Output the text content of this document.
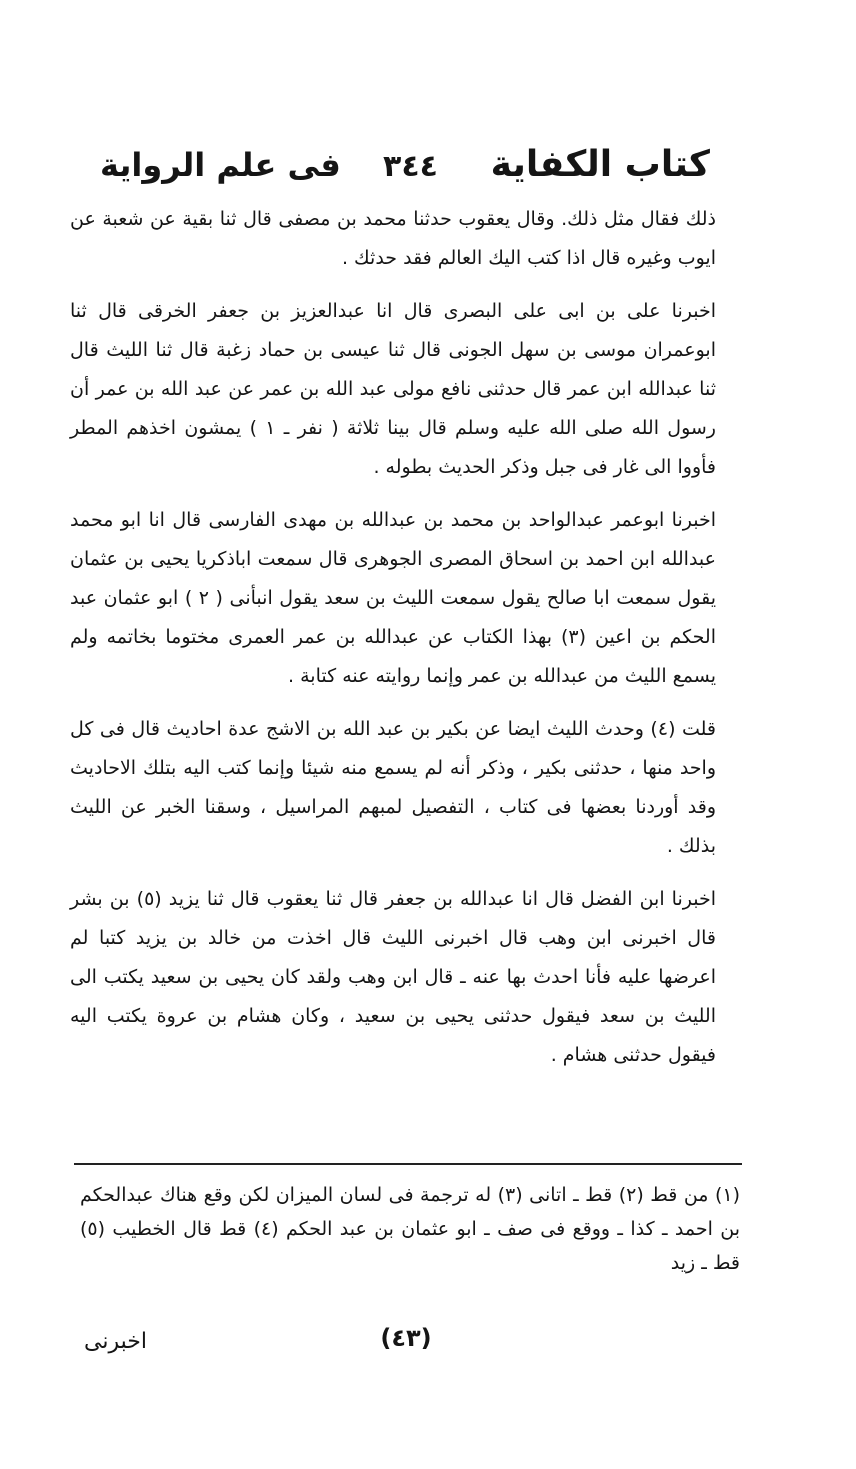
كتاب الكفاية
٣٤٤
فى علم الرواية

ذلك فقال مثل ذلك. وقال يعقوب حدثنا محمد بن مصفى قال ثنا بقية عن شعبة عن ايوب وغيره قال اذا كتب اليك العالم فقد حدثك .

اخبرنا على بن ابى على البصرى قال انا عبدالعزيز بن جعفر الخرقى قال ثنا ابوعمران موسى بن سهل الجونى قال ثنا عيسى بن حماد زغبة قال ثنا الليث قال ثنا عبدالله ابن عمر قال حدثنى نافع مولى عبد الله بن عمر عن عبد الله بن عمر أن رسول الله صلى الله عليه وسلم قال بينا ثلاثة ( نفر ـ ١ ) يمشون اخذهم المطر فأووا الى غار فى جبل وذكر الحديث بطوله .

اخبرنا ابوعمر عبدالواحد بن محمد بن عبدالله بن مهدى الفارسى قال انا ابو محمد عبدالله ابن احمد بن اسحاق المصرى الجوهرى قال سمعت اباذكريا يحيى بن عثمان يقول سمعت ابا صالح يقول سمعت الليث بن سعد يقول انبأنى ( ٢ ) ابو عثمان عبد الحكم بن اعين (٣) بهذا الكتاب عن عبدالله بن عمر العمرى مختوما بخاتمه ولم يسمع الليث من عبدالله بن عمر وإنما روايته عنه كتابة .

قلت (٤) وحدث الليث ايضا عن بكير بن عبد الله بن الاشج عدة احاديث قال فى كل واحد منها ، حدثنى بكير ، وذكر أنه لم يسمع منه شيئا وإنما كتب اليه بتلك الاحاديث وقد أوردنا بعضها فى كتاب ، التفصيل لمبهم المراسيل ، وسقنا الخبر عن الليث بذلك .

اخبرنا ابن الفضل قال انا عبدالله بن جعفر قال ثنا يعقوب قال ثنا يزيد (٥) بن بشر قال اخبرنى ابن وهب قال اخبرنى الليث قال اخذت من خالد بن يزيد كتبا لم اعرضها عليه فأنا احدث بها عنه ـ قال ابن وهب ولقد كان يحيى بن سعيد يكتب الى الليث بن سعد فيقول حدثنى يحيى بن سعيد ، وكان هشام بن عروة يكتب اليه فيقول حدثنى هشام .

(١) من قط (٢) قط ـ اتانى (٣) له ترجمة فى لسان الميزان لكن وقع هناك عبدالحكم بن احمد ـ كذا ـ ووقع فى صف ـ ابو عثمان بن عبد الحكم (٤) قط قال الخطيب (٥) قط ـ زيد
(٤٣)
اخبرنى
